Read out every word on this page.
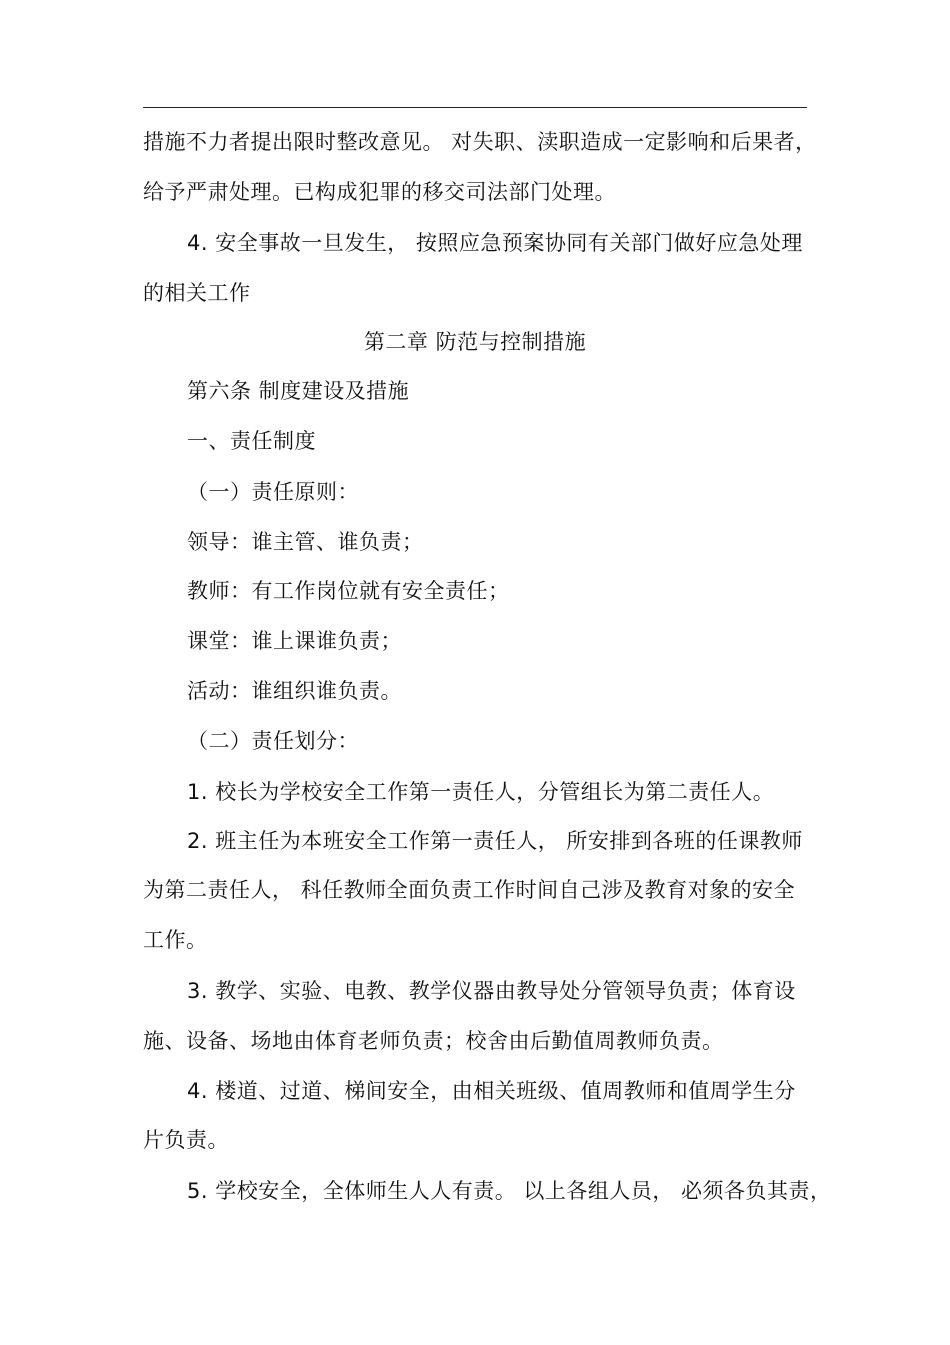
措施不力者提出限时整改意见。 对失职、渎职造成一定影响和后果者，
给予严肃处理。已构成犯罪的移交司法部门处理。
4. 安全事故一旦发生， 按照应急预案协同有关部门做好应急处理
的相关工作
第二章 防范与控制措施
第六条 制度建设及措施
一、责任制度
（一）责任原则：
领导：谁主管、谁负责；
教师：有工作岗位就有安全责任；
课堂：谁上课谁负责；
活动：谁组织谁负责。
（二）责任划分：
1. 校长为学校安全工作第一责任人，分管组长为第二责任人。
2. 班主任为本班安全工作第一责任人， 所安排到各班的任课教师
为第二责任人， 科任教师全面负责工作时间自己涉及教育对象的安全
工作。
3. 教学、实验、电教、教学仪器由教导处分管领导负责；体育设
施、设备、场地由体育老师负责；校舍由后勤值周教师负责。
4. 楼道、过道、梯间安全，由相关班级、值周教师和值周学生分
片负责。
5. 学校安全，全体师生人人有责。 以上各组人员， 必须各负其责，
